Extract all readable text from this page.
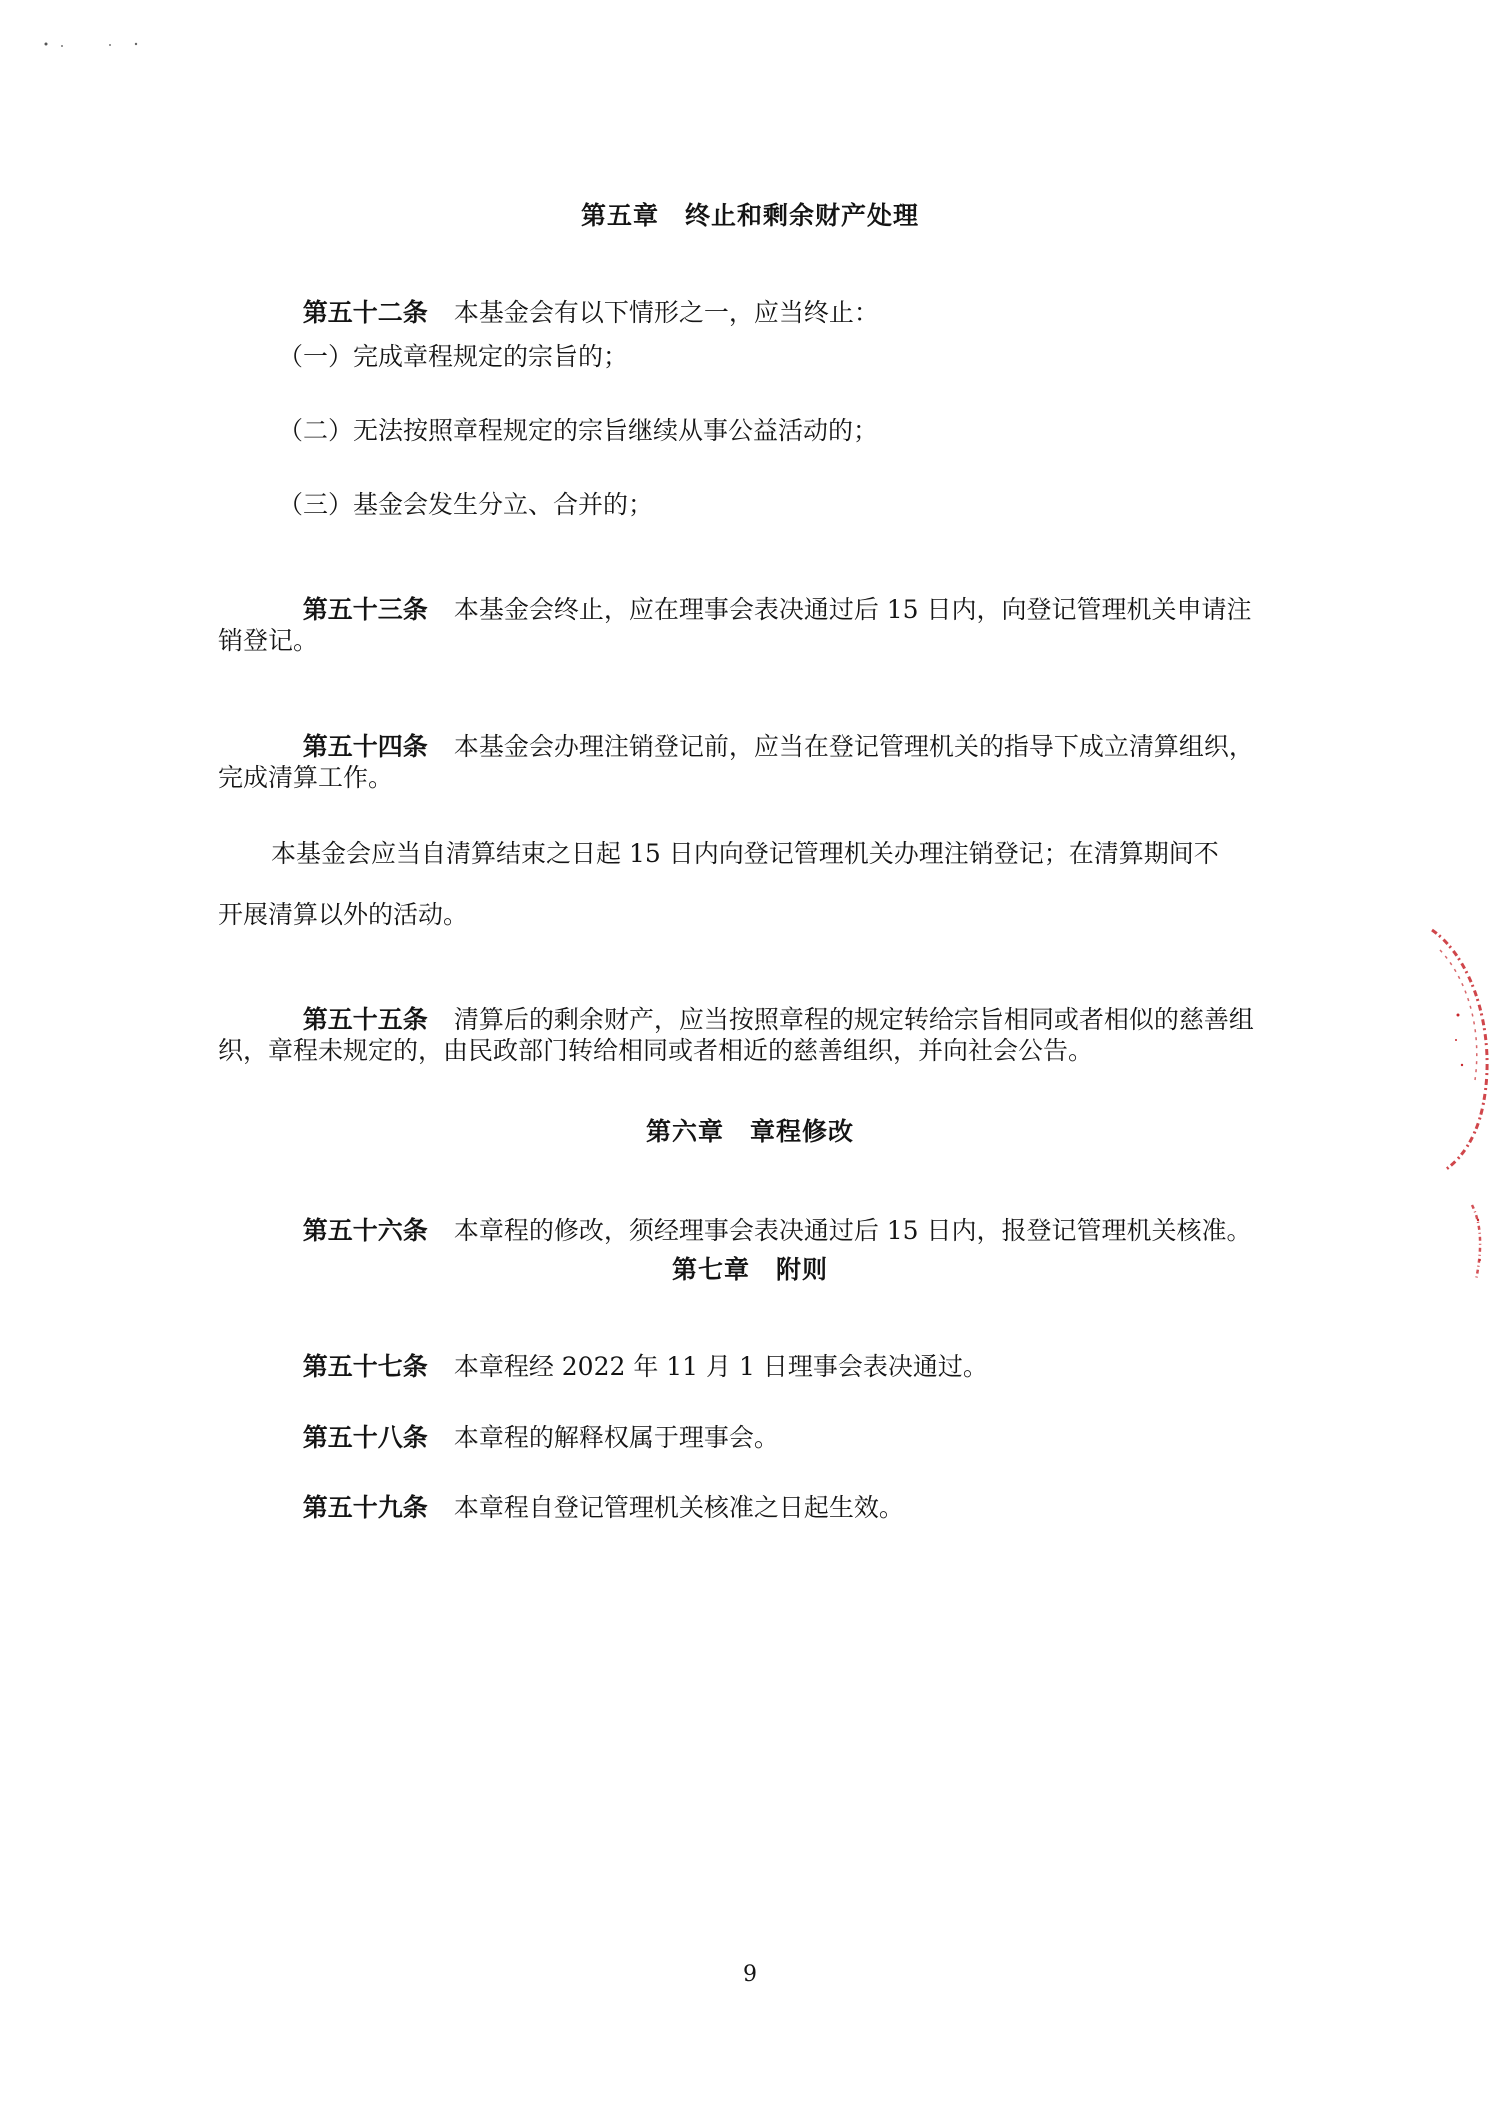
第五章　终止和剩余财产处理

第五十二条 本基金会有以下情形之一，应当终止：

（一）完成章程规定的宗旨的；
（二）无法按照章程规定的宗旨继续从事公益活动的；
（三）基金会发生分立、合并的；

第五十三条 本基金会终止，应在理事会表决通过后 15 日内，向登记管理机关申请注

销登记。

第五十四条 本基金会办理注销登记前，应当在登记管理机关的指导下成立清算组织，

完成清算工作。
本基金会应当自清算结束之日起 15 日内向登记管理机关办理注销登记；在清算期间不
开展清算以外的活动。

第五十五条 清算后的剩余财产，应当按照章程的规定转给宗旨相同或者相似的慈善组

织，章程未规定的，由民政部门转给相同或者相近的慈善组织，并向社会公告。
第六章　章程修改

第五十六条 本章程的修改，须经理事会表决通过后 15 日内，报登记管理机关核准。

第七章　附则

第五十七条 本章程经 2022 年 11 月 1 日理事会表决通过。

第五十八条 本章程的解释权属于理事会。

第五十九条 本章程自登记管理机关核准之日起生效。

9
